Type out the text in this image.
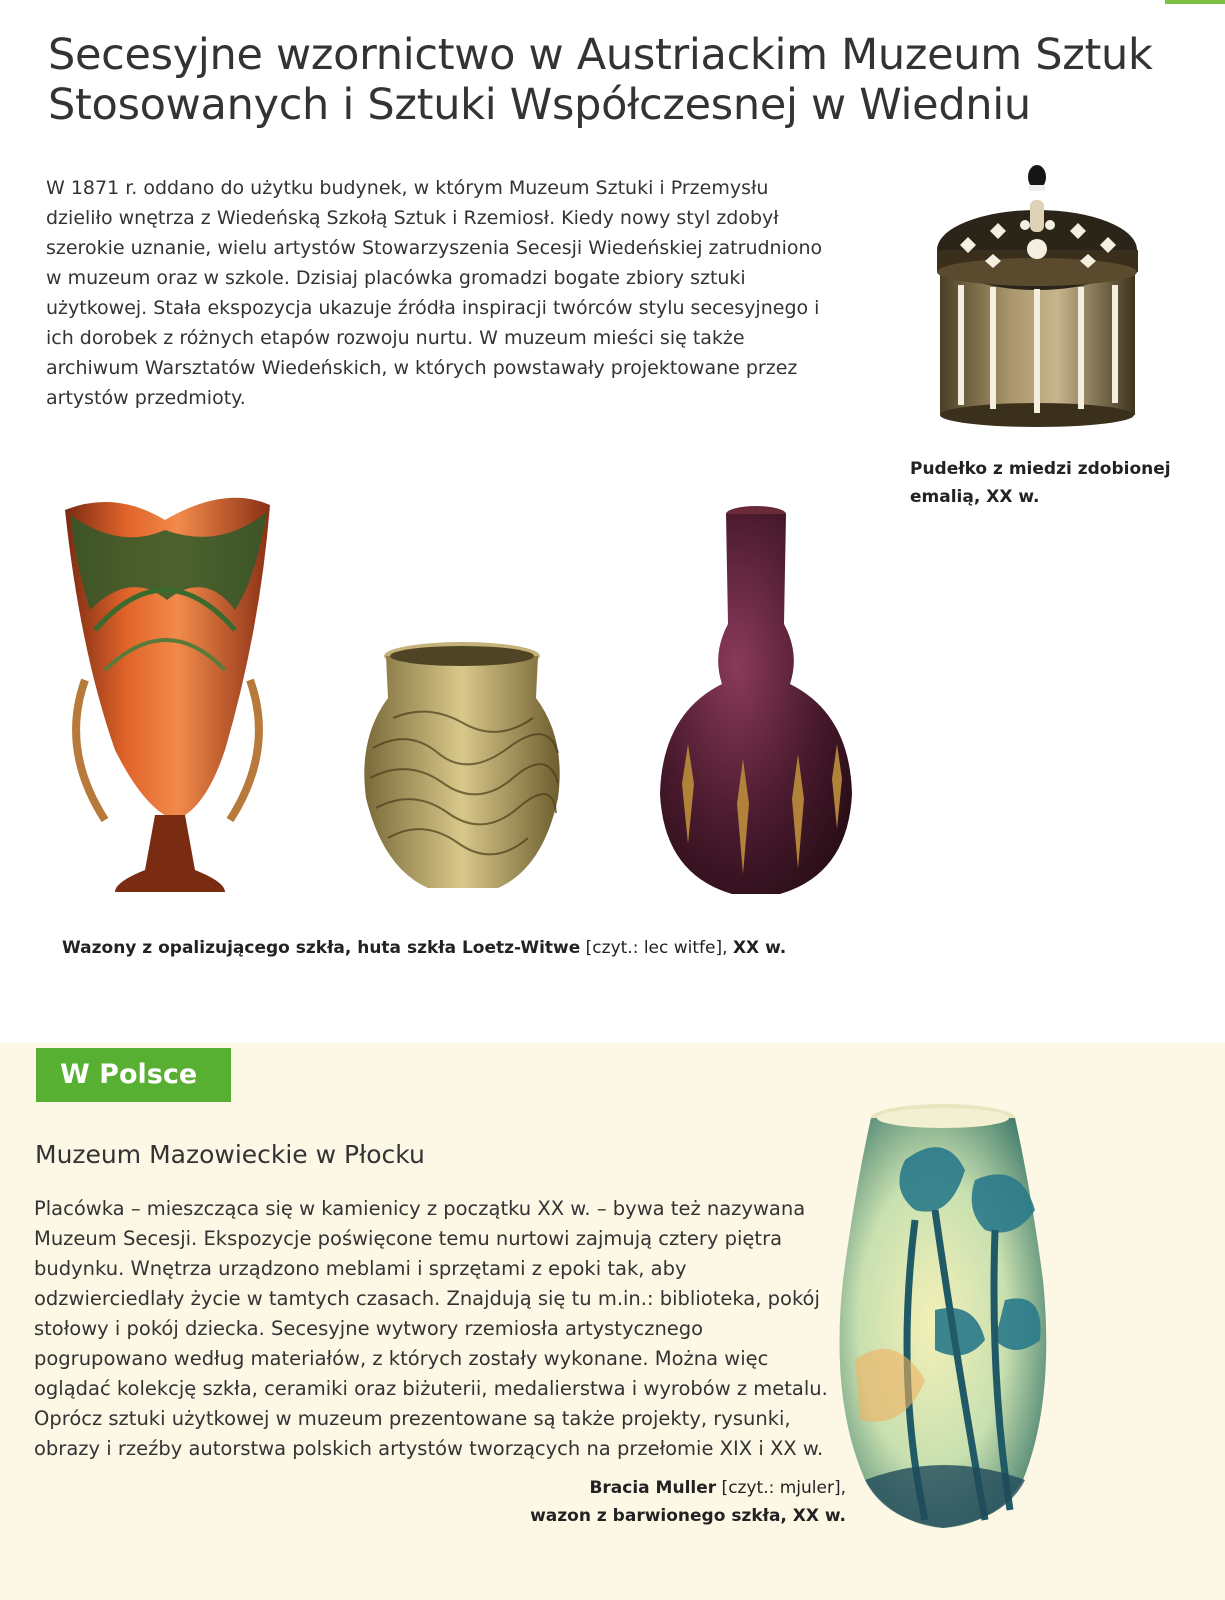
Secesyjne wzornictwo w Austriackim Muzeum Sztuk Stosowanych i Sztuki Współczesnej w Wiedniu

W 1871 r. oddano do użytku budynek, w którym Muzeum Sztuki i Przemysłu dzieliło wnętrza z Wiedeńską Szkołą Sztuk i Rzemiosł. Kiedy nowy styl zdobył szerokie uznanie, wielu artystów Stowarzyszenia Secesji Wiedeńskiej zatrudniono w muzeum oraz w szkole. Dzisiaj placówka gromadzi bogate zbiory sztuki użytkowej. Stała ekspozycja ukazuje źródła inspiracji twórców stylu secesyjnego i ich dorobek z różnych etapów rozwoju nurtu. W muzeum mieści się także archiwum Warsztatów Wiedeńskich, w których powstawały projektowane przez artystów przedmioty.

Pudełko z miedzi zdobionej
emalią, XX w.
Wazony z opalizującego szkła, huta szkła Loetz-Witwe [czyt.: lec witfe], XX w.
W Polsce
Muzeum Mazowieckie w Płocku

Placówka – mieszcząca się w kamienicy z początku XX w. – bywa też nazywana Muzeum Secesji. Ekspozycje poświęcone temu nurtowi zajmują cztery piętra budynku. Wnętrza urządzono meblami i sprzętami z epoki tak, aby odzwierciedlały życie w tamtych czasach. Znajdują się tu m.in.: biblioteka, pokój stołowy i pokój dziecka. Secesyjne wytwory rzemiosła artystycznego pogrupowano według materiałów, z których zostały wykonane. Można więc oglądać kolekcję szkła, ceramiki oraz biżuterii, medalierstwa i wyrobów z metalu. Oprócz sztuki użytkowej w muzeum prezentowane są także projekty, rysunki, obrazy i rzeźby autorstwa polskich artystów tworzących na przełomie XIX i XX w.

Bracia Muller [czyt.: mjuler],
wazon z barwionego szkła, XX w.
